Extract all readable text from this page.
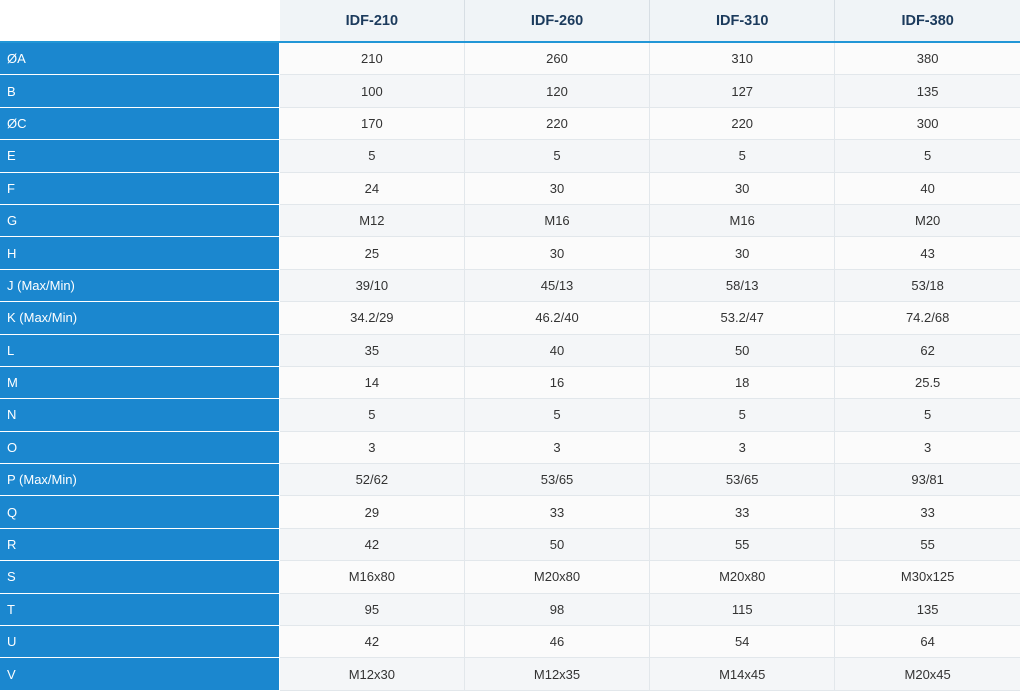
	IDF-210	IDF-260	IDF-310	IDF-380
ØA	210	260	310	380
B	100	120	127	135
ØC	170	220	220	300
E	5	5	5	5
F	24	30	30	40
G	M12	M16	M16	M20
H	25	30	30	43
J (Max/Min)	39/10	45/13	58/13	53/18
K (Max/Min)	34.2/29	46.2/40	53.2/47	74.2/68
L	35	40	50	62
M	14	16	18	25.5
N	5	5	5	5
O	3	3	3	3
P (Max/Min)	52/62	53/65	53/65	93/81
Q	29	33	33	33
R	42	50	55	55
S	M16x80	M20x80	M20x80	M30x125
T	95	98	115	135
U	42	46	54	64
V	M12x30	M12x35	M14x45	M20x45
